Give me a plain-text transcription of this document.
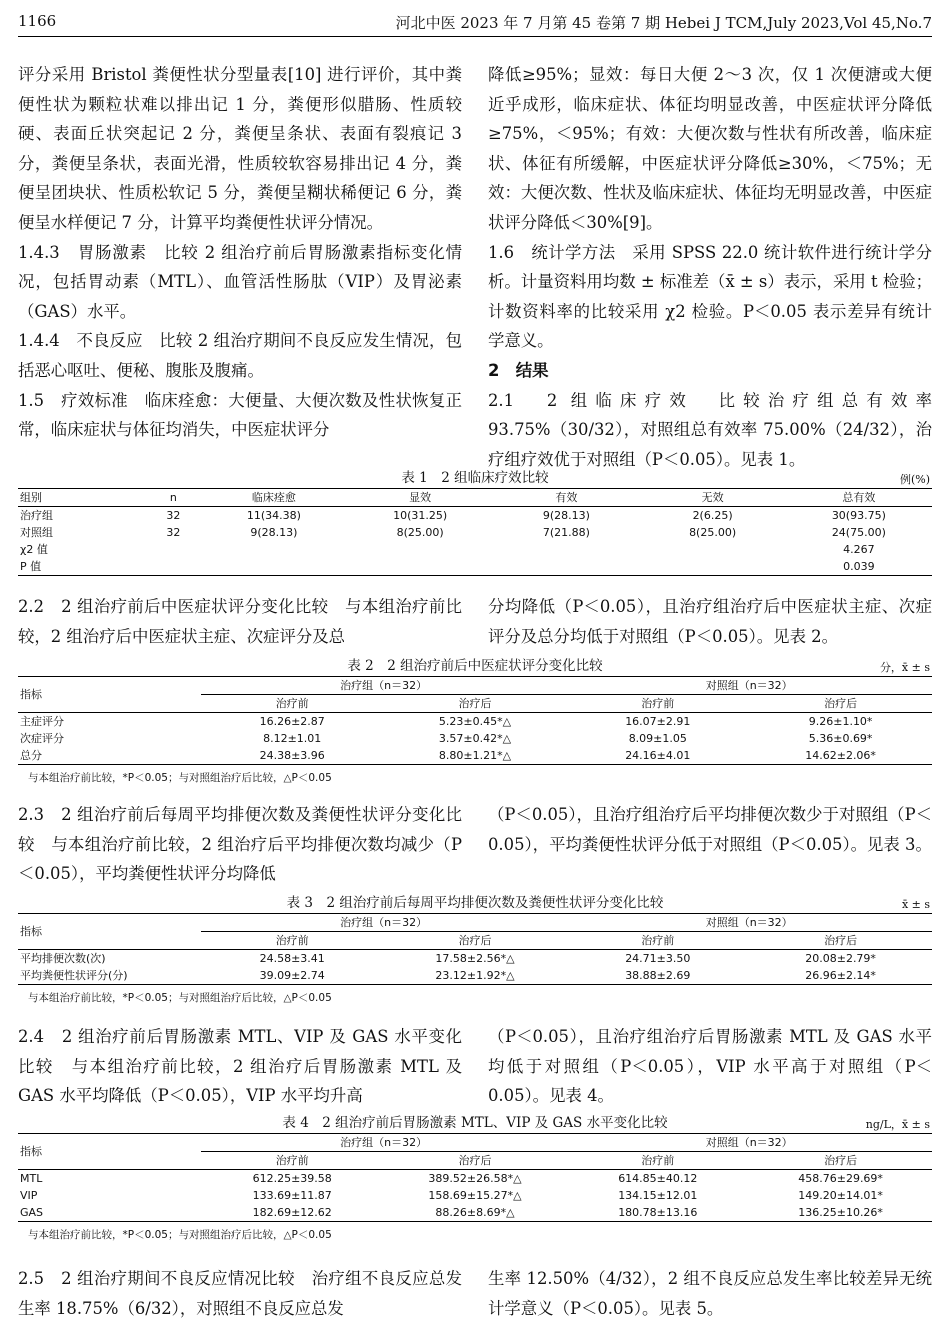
1166	河北中医 2023 年 7 月第 45 卷第 7 期 Hebei J TCM,July 2023,Vol 45,No.7

评分采用 Bristol 粪便性状分型量表[10] 进行评价，其中粪便性状为颗粒状难以排出记 1 分，粪便形似腊肠、性质较硬、表面丘状突起记 2 分，粪便呈条状、表面有裂痕记 3 分，粪便呈条状，表面光滑，性质较软容易排出记 4 分，粪便呈团块状、性质松软记 5 分，粪便呈糊状稀便记 6 分，粪便呈水样便记 7 分，计算平均粪便性状评分情况。

1.4.3　胃肠激素　比较 2 组治疗前后胃肠激素指标变化情况，包括胃动素（MTL）、血管活性肠肽（VIP）及胃泌素（GAS）水平。

1.4.4　不良反应　比较 2 组治疗期间不良反应发生情况，包括恶心呕吐、便秘、腹胀及腹痛。

1.5　疗效标准　临床痊愈：大便量、大便次数及性状恢复正常，临床症状与体征均消失，中医症状评分

降低≥95%；显效：每日大便 2～3 次，仅 1 次便溏或大便近乎成形，临床症状、体征均明显改善，中医症状评分降低≥75%，＜95%；有效：大便次数与性状有所改善，临床症状、体征有所缓解，中医症状评分降低≥30%，＜75%；无效：大便次数、性状及临床症状、体征均无明显改善，中医症状评分降低＜30%[9]。

1.6　统计学方法　采用 SPSS 22.0 统计软件进行统计学分析。计量资料用均数 ± 标准差（x̄ ± s）表示，采用 t 检验；计数资料率的比较采用 χ2 检验。P＜0.05 表示差异有统计学意义。

2　结果

2.1　2 组临床疗效　比较治疗组总有效率 93.75%（30/32），对照组总有效率 75.00%（24/32），治疗组疗效优于对照组（P＜0.05）。见表 1。

表 1　2 组临床疗效比较	例(%)
组别	n	临床痊愈	显效	有效	无效	总有效
治疗组	32	11(34.38)	10(31.25)	9(28.13)	2(6.25)	30(93.75)
对照组	32	9(28.13)	8(25.00)	7(21.88)	8(25.00)	24(75.00)
χ2 值						4.267
P 值						0.039

2.2　2 组治疗前后中医症状评分变化比较　与本组治疗前比较，2 组治疗后中医症状主症、次症评分及总

分均降低（P＜0.05），且治疗组治疗后中医症状主症、次症评分及总分均低于对照组（P＜0.05）。见表 2。

表 2　2 组治疗前后中医症状评分变化比较	分，x̄ ± s
指标	治疗组（n＝32）		对照组（n＝32）	
	治疗前	治疗后	治疗前	治疗后
主症评分	16.26±2.87	5.23±0.45*△	16.07±2.91	9.26±1.10*
次症评分	8.12±1.01	3.57±0.42*△	8.09±1.05	5.36±0.69*
总分	24.38±3.96	8.80±1.21*△	24.16±4.01	14.62±2.06*
与本组治疗前比较，*P＜0.05；与对照组治疗后比较，△P＜0.05

2.3　2 组治疗前后每周平均排便次数及粪便性状评分变化比较　与本组治疗前比较，2 组治疗后平均排便次数均减少（P＜0.05），平均粪便性状评分均降低

（P＜0.05），且治疗组治疗后平均排便次数少于对照组（P＜0.05），平均粪便性状评分低于对照组（P＜0.05）。见表 3。

表 3　2 组治疗前后每周平均排便次数及粪便性状评分变化比较	x̄ ± s
指标	治疗组（n＝32）		对照组（n＝32）	
	治疗前	治疗后	治疗前	治疗后
平均排便次数(次)	24.58±3.41	17.58±2.56*△	24.71±3.50	20.08±2.79*
平均粪便性状评分(分)	39.09±2.74	23.12±1.92*△	38.88±2.69	26.96±2.14*
与本组治疗前比较，*P＜0.05；与对照组治疗后比较，△P＜0.05

2.4　2 组治疗前后胃肠激素 MTL、VIP 及 GAS 水平变化比较　与本组治疗前比较，2 组治疗后胃肠激素 MTL 及 GAS 水平均降低（P＜0.05），VIP 水平均升高

（P＜0.05），且治疗组治疗后胃肠激素 MTL 及 GAS 水平均低于对照组（P＜0.05），VIP 水平高于对照组（P＜0.05）。见表 4。

表 4　2 组治疗前后胃肠激素 MTL、VIP 及 GAS 水平变化比较	ng/L，x̄ ± s
指标	治疗组（n＝32）		对照组（n＝32）	
	治疗前	治疗后	治疗前	治疗后
MTL	612.25±39.58	389.52±26.58*△	614.85±40.12	458.76±29.69*
VIP	133.69±11.87	158.69±15.27*△	134.15±12.01	149.20±14.01*
GAS	182.69±12.62	88.26±8.69*△	180.78±13.16	136.25±10.26*
与本组治疗前比较，*P＜0.05；与对照组治疗后比较，△P＜0.05

2.5　2 组治疗期间不良反应情况比较　治疗组不良反应总发生率 18.75%（6/32），对照组不良反应总发

生率 12.50%（4/32），2 组不良反应总发生率比较差异无统计学意义（P＜0.05）。见表 5。
